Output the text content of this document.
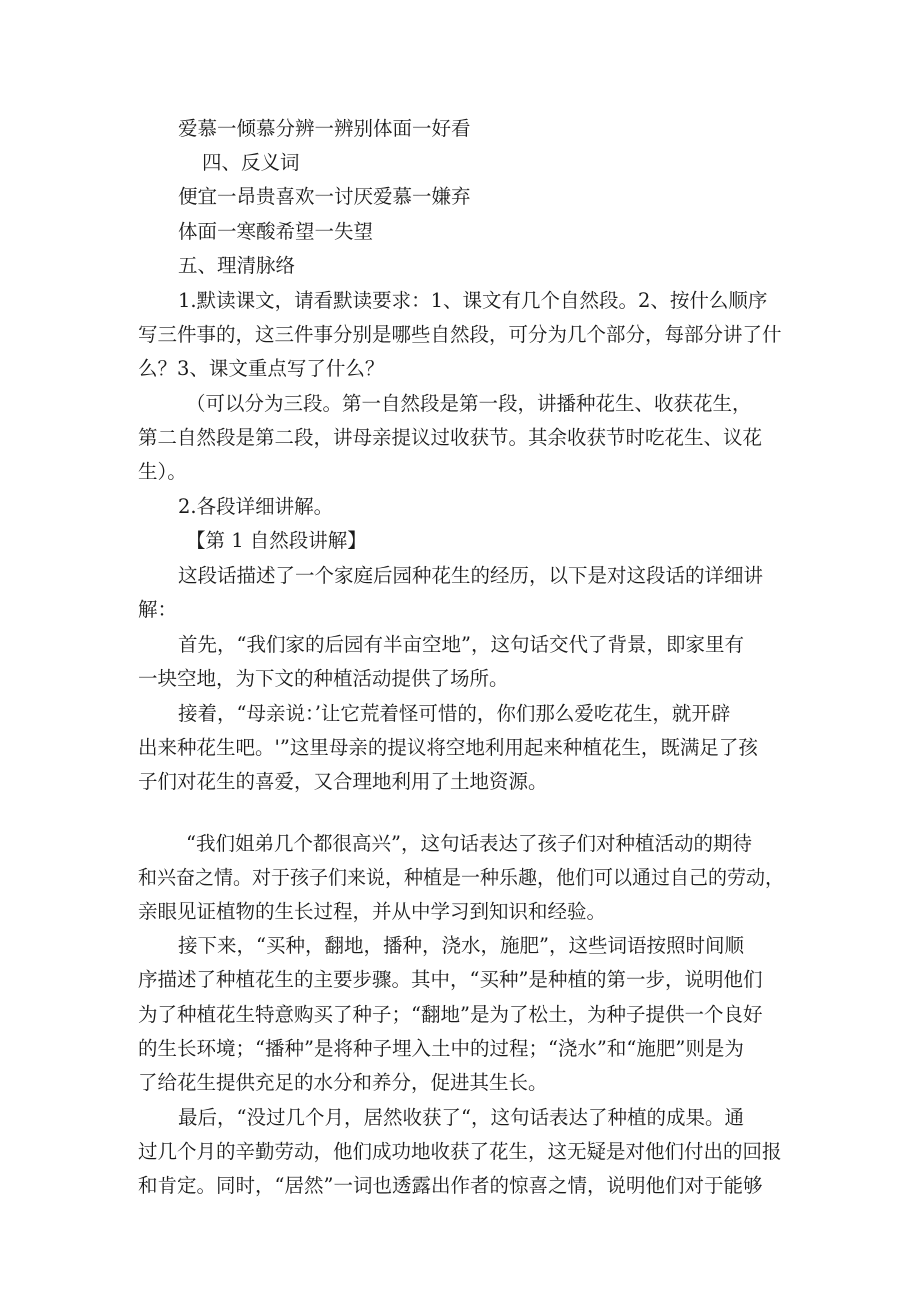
爱慕一倾慕分辨一辨别体面一好看
四、反义词
便宜一昂贵喜欢一讨厌爱慕一嫌弃
体面一寒酸希望一失望
五、理清脉络
1.默读课文，请看默读要求：1、课文有几个自然段。2、按什么顺序
写三件事的，这三件事分别是哪些自然段，可分为几个部分，每部分讲了什
么？3、课文重点写了什么？
（可以分为三段。第一自然段是第一段，讲播种花生、收获花生，
第二自然段是第二段，讲母亲提议过收获节。其余收获节时吃花生、议花
生）。
2.各段详细讲解。
【第 1 自然段讲解】
这段话描述了一个家庭后园种花生的经历，以下是对这段话的详细讲
解：
首先，“我们家的后园有半亩空地”，这句话交代了背景，即家里有
一块空地，为下文的种植活动提供了场所。
接着，“母亲说：’让它荒着怪可惜的，你们那么爱吃花生，就开辟
出来种花生吧。'”这里母亲的提议将空地利用起来种植花生，既满足了孩
子们对花生的喜爱，又合理地利用了土地资源。
“我们姐弟几个都很高兴”，这句话表达了孩子们对种植活动的期待
和兴奋之情。对于孩子们来说，种植是一种乐趣，他们可以通过自己的劳动，
亲眼见证植物的生长过程，并从中学习到知识和经验。
接下来，“买种，翻地，播种，浇水，施肥”，这些词语按照时间顺
序描述了种植花生的主要步骤。其中，“买种”是种植的第一步，说明他们
为了种植花生特意购买了种子；“翻地”是为了松土，为种子提供一个良好
的生长环境；“播种”是将种子埋入土中的过程；“浇水”和“施肥”则是为
了给花生提供充足的水分和养分，促进其生长。
最后，“没过几个月，居然收获了“，这句话表达了种植的成果。通
过几个月的辛勤劳动，他们成功地收获了花生，这无疑是对他们付出的回报
和肯定。同时，“居然”一词也透露出作者的惊喜之情，说明他们对于能够
